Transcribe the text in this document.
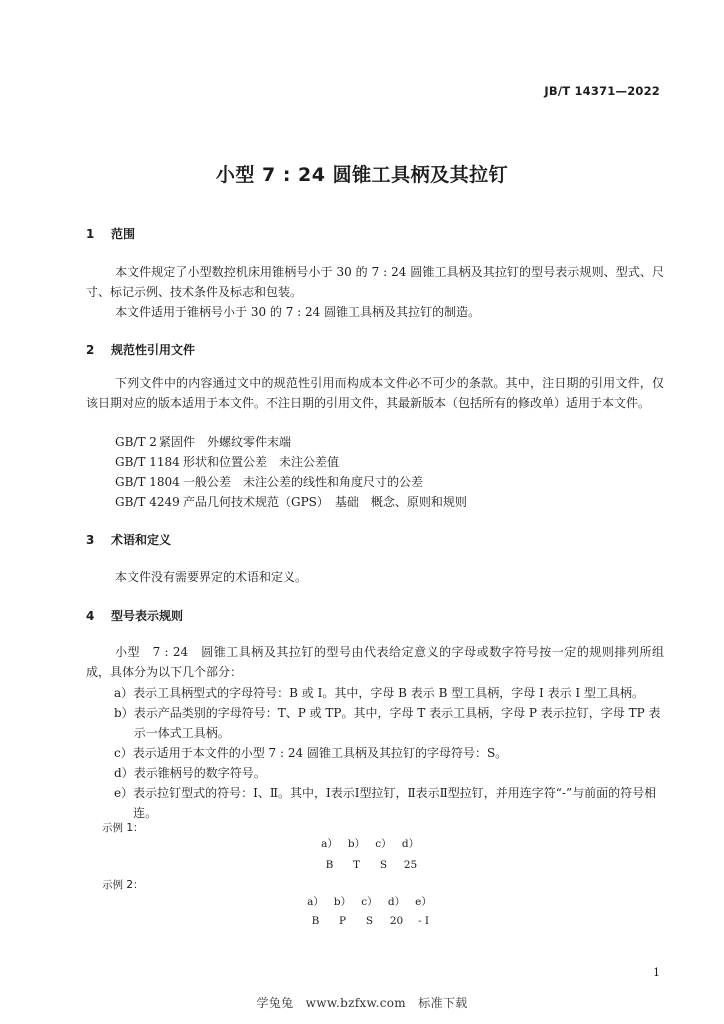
JB/T 14371—2022
小型 7 : 24 圆锥工具柄及其拉钉
1 范围
本文件规定了小型数控机床用锥柄号小于 30 的 7 : 24 圆锥工具柄及其拉钉的型号表示规则、型式、尺寸、标记示例、技术条件及标志和包装。
本文件适用于锥柄号小于 30 的 7 : 24 圆锥工具柄及其拉钉的制造。
2 规范性引用文件
下列文件中的内容通过文中的规范性引用而构成本文件必不可少的条款。其中，注日期的引用文件，仅该日期对应的版本适用于本文件。不注日期的引用文件，其最新版本（包括所有的修改单）适用于本文件。
GB/T 2 紧固件　外螺纹零件末端
GB/T 1184 形状和位置公差　未注公差值
GB/T 1804 一般公差　未注公差的线性和角度尺寸的公差
GB/T 4249 产品几何技术规范（GPS）　基础　概念、原则和规则
3 术语和定义
本文件没有需要界定的术语和定义。
4 型号表示规则
小型　7 : 24　圆锥工具柄及其拉钉的型号由代表给定意义的字母或数字符号按一定的规则排列所组成，具体分为以下几个部分：
a） 表示工具柄型式的字母符号：B 或 I。其中，字母 B 表示 B 型工具柄，字母 I 表示 I 型工具柄。
b） 表示产品类别的字母符号：T、P 或 TP。其中，字母 T 表示工具柄，字母 P 表示拉钉，字母 TP 表示一体式工具柄。
c） 表示适用于本文件的小型 7 : 24 圆锥工具柄及其拉钉的字母符号：S。
d） 表示锥柄号的数字符号。
e） 表示拉钉型式的符号：Ⅰ、Ⅱ。其中，Ⅰ表示Ⅰ型拉钉，Ⅱ表示Ⅱ型拉钉，并用连字符“-”与前面的符号相连。
示例 1：
a） b） c） d）
B T S 25
示例 2：
a） b） c） d） e）
B P S 20 - I
1
学兔兔　www.bzfxw.com　标准下载
